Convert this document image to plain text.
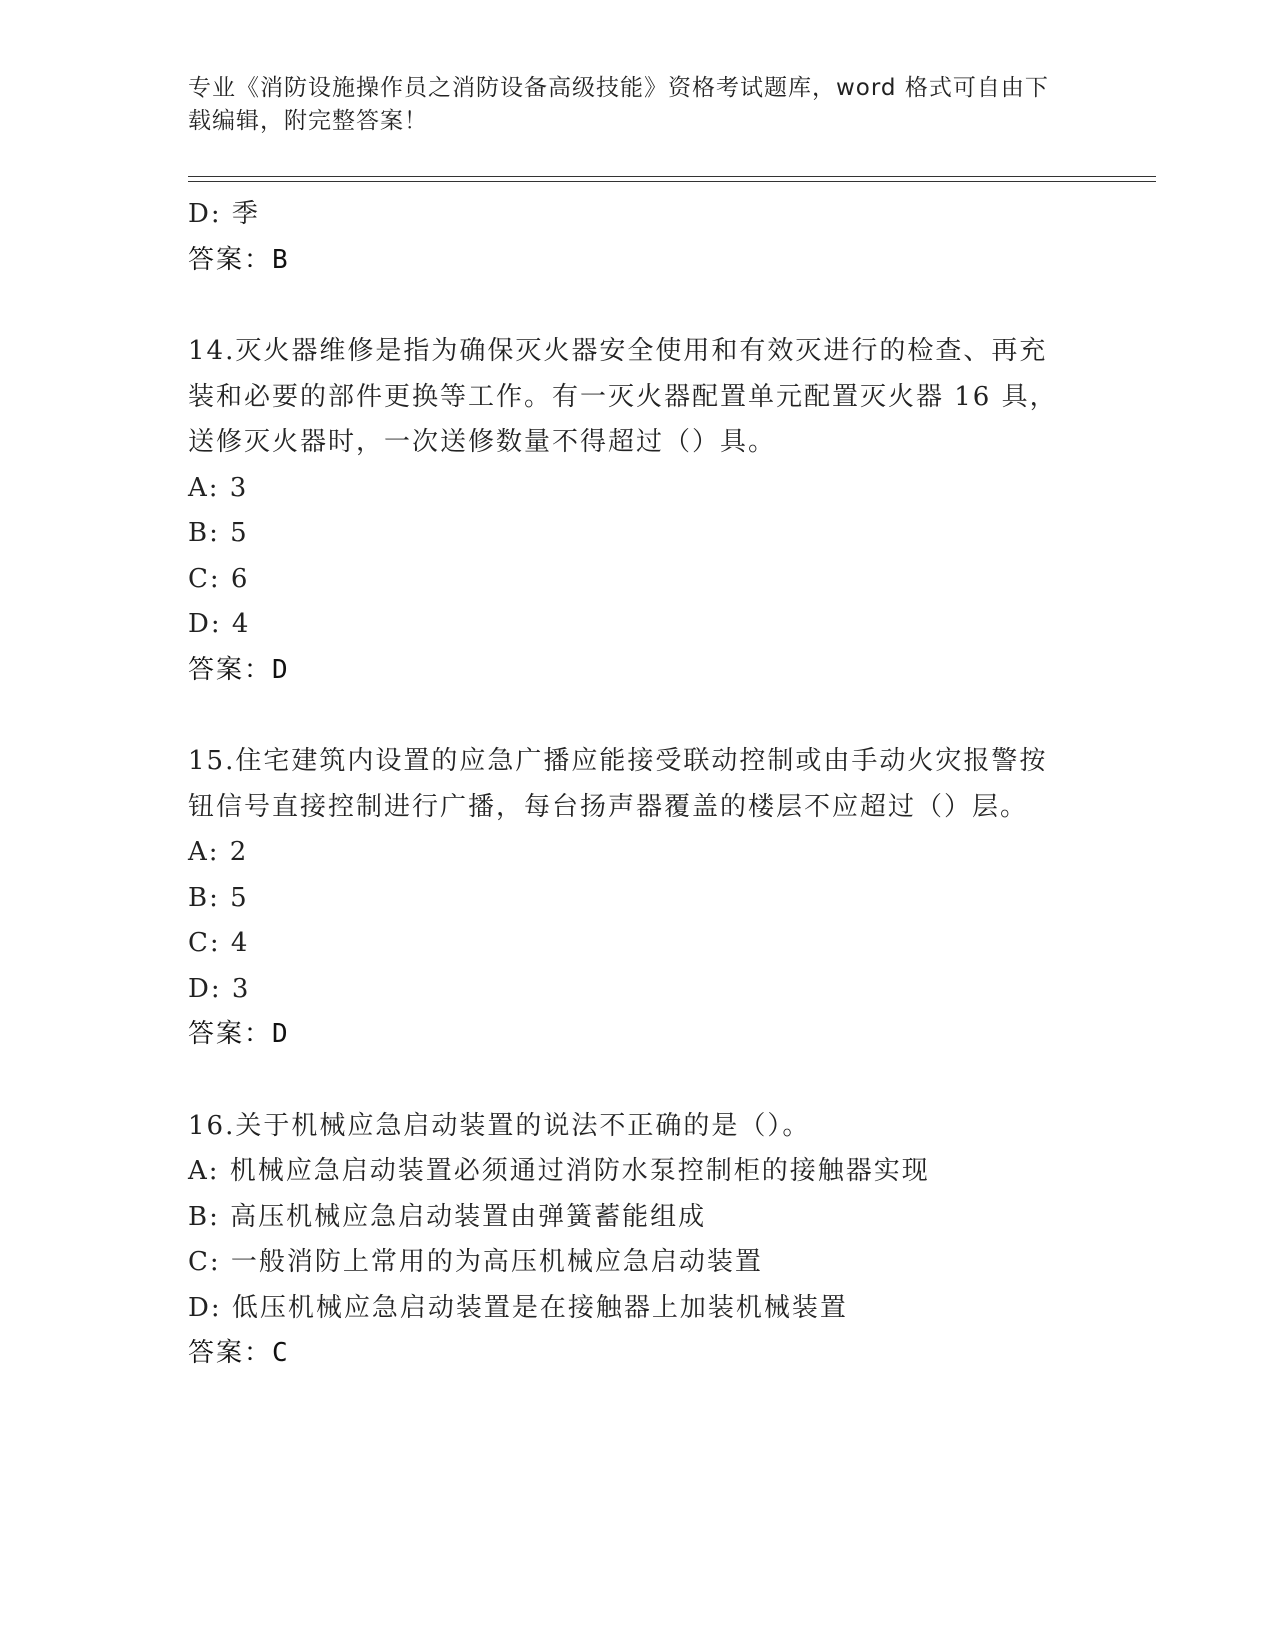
专业《消防设施操作员之消防设备高级技能》资格考试题库，word 格式可自由下
载编辑，附完整答案！
D: 季
答案：B
14.灭火器维修是指为确保灭火器安全使用和有效灭进行的检查、再充
装和必要的部件更换等工作。有一灭火器配置单元配置灭火器 16 具，
送修灭火器时，一次送修数量不得超过（）具。
A: 3
B: 5
C: 6
D: 4
答案：D
15.住宅建筑内设置的应急广播应能接受联动控制或由手动火灾报警按
钮信号直接控制进行广播，每台扬声器覆盖的楼层不应超过（）层。
A: 2
B: 5
C: 4
D: 3
答案：D
16.关于机械应急启动装置的说法不正确的是（）。
A: 机械应急启动装置必须通过消防水泵控制柜的接触器实现
B: 高压机械应急启动装置由弹簧蓄能组成
C: 一般消防上常用的为高压机械应急启动装置
D: 低压机械应急启动装置是在接触器上加装机械装置
答案：C
